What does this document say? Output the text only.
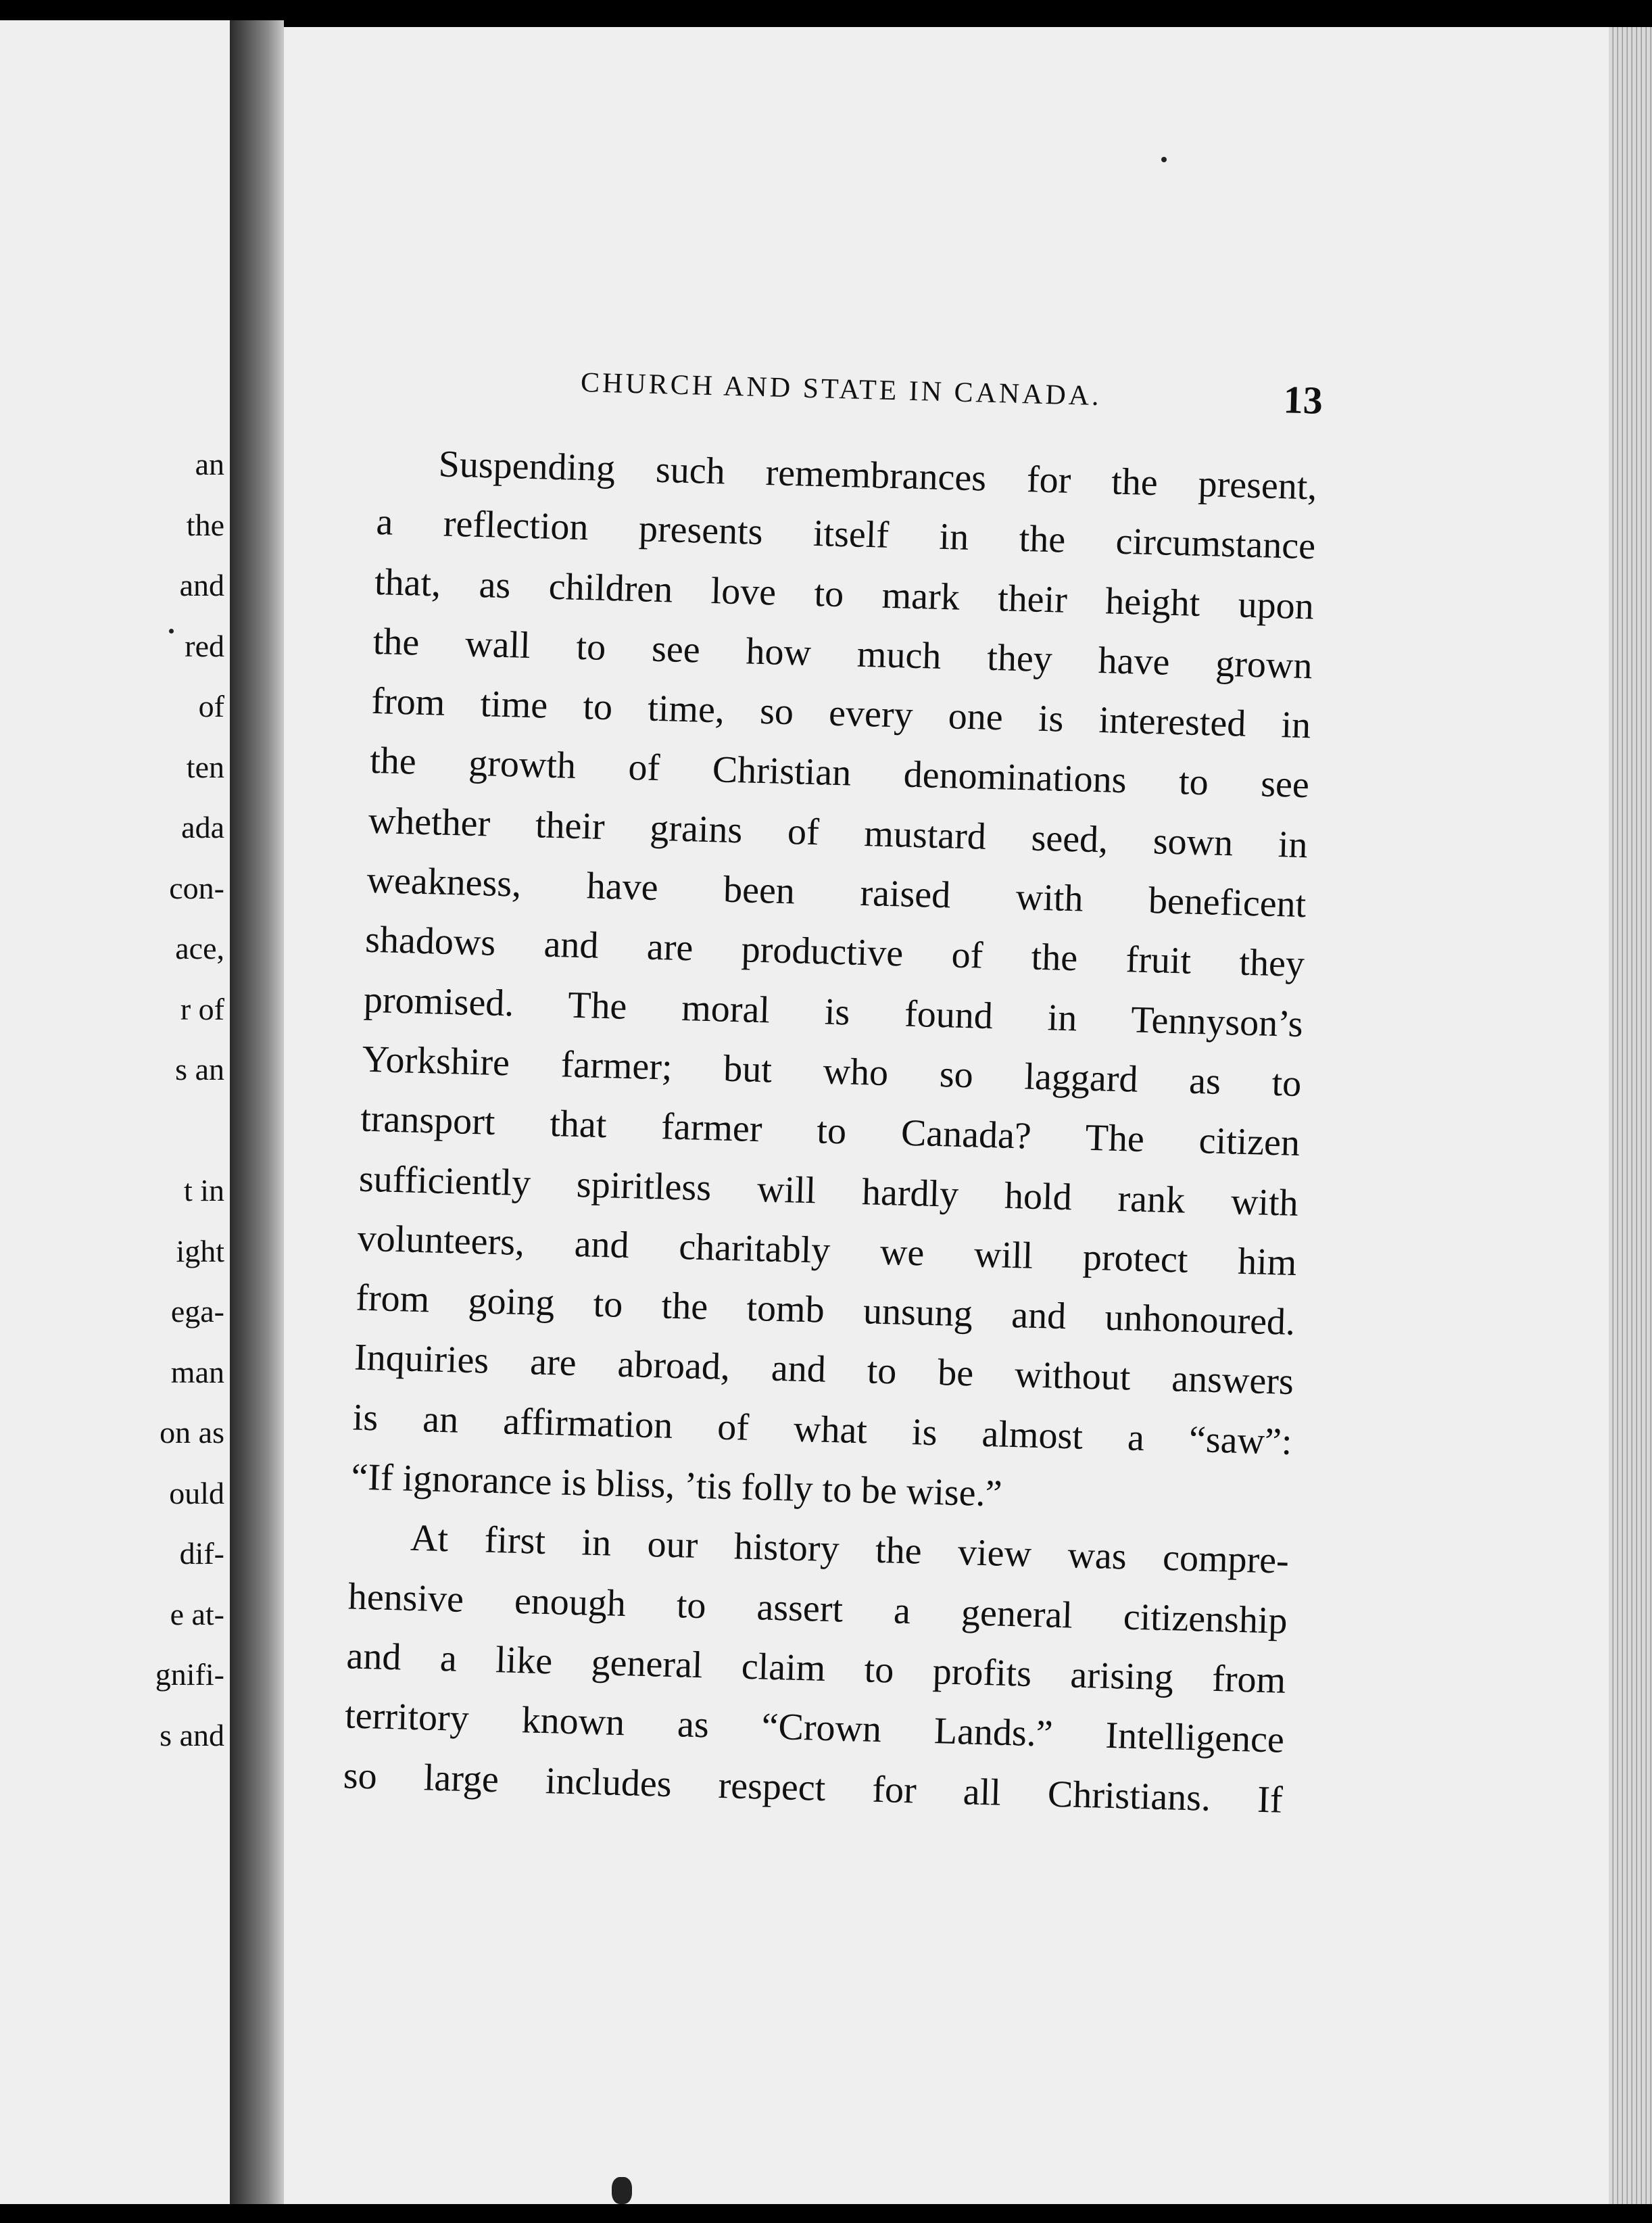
an
the
and
red
of
ten
ada
con-
ace,
r of
s an
t in
ight
ega-
man
on as
ould
dif-
e at-
gnifi-
s and
CHURCH AND STATE IN CANADA.	13
Suspending such remembrances for the present,
a reflection presents itself in the circumstance
that, as children love to mark their height upon
the wall to see how much they have grown
from time to time, so every one is interested in
the growth of Christian denominations to see
whether their grains of mustard seed, sown in
weakness, have been raised with beneficent
shadows and are productive of the fruit they
promised. The moral is found in Tennyson’s
Yorkshire farmer; but who so laggard as to
transport that farmer to Canada? The citizen
sufficiently spiritless will hardly hold rank with
volunteers, and charitably we will protect him
from going to the tomb unsung and unhonoured.
Inquiries are abroad, and to be without answers
is an affirmation of what is almost a “saw”:
“If ignorance is bliss, ’tis folly to be wise.”
At first in our history the view was compre-
hensive enough to assert a general citizenship
and a like general claim to profits arising from
territory known as “Crown Lands.” Intelligence
so large includes respect for all Christians. If
